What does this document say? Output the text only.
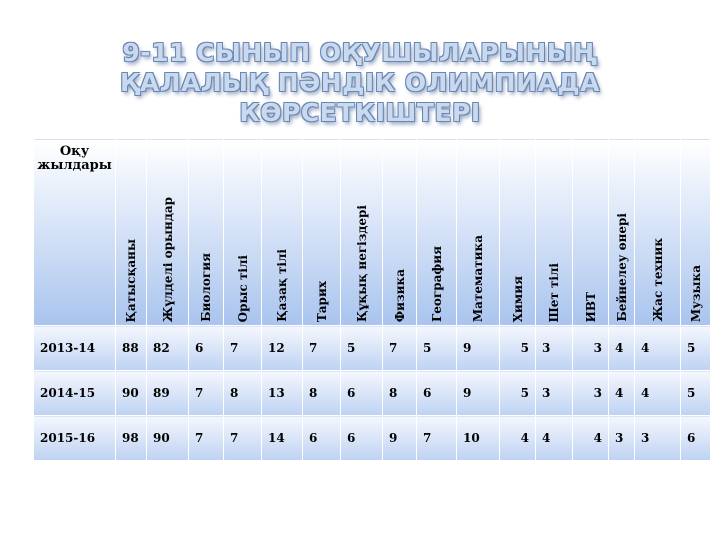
9-11 СЫНЫП ОҚУШЫЛАРЫНЫҢ
ҚАЛАЛЫҚ ПӘНДІК ОЛИМПИАДА КӨРСЕТКІШТЕРІ
Оқу жылдары	Қатысқаны	Жүлделі орындар	Биология	Орыс тілі	Қазақ тілі	Тарих	Құқық негіздері	Физика	География	Математика	Химия	Шет тілі	ИВТ	Бейнелеу өнері	Жас техник	Музыка
2013-14	88	82	6	7	12	7	5	7	5	9	5	3	3	4	4	5
2014-15	90	89	7	8	13	8	6	8	6	9	5	3	3	4	4	5
2015-16	98	90	7	7	14	6	6	9	7	10	4	4	4	3	3	6
